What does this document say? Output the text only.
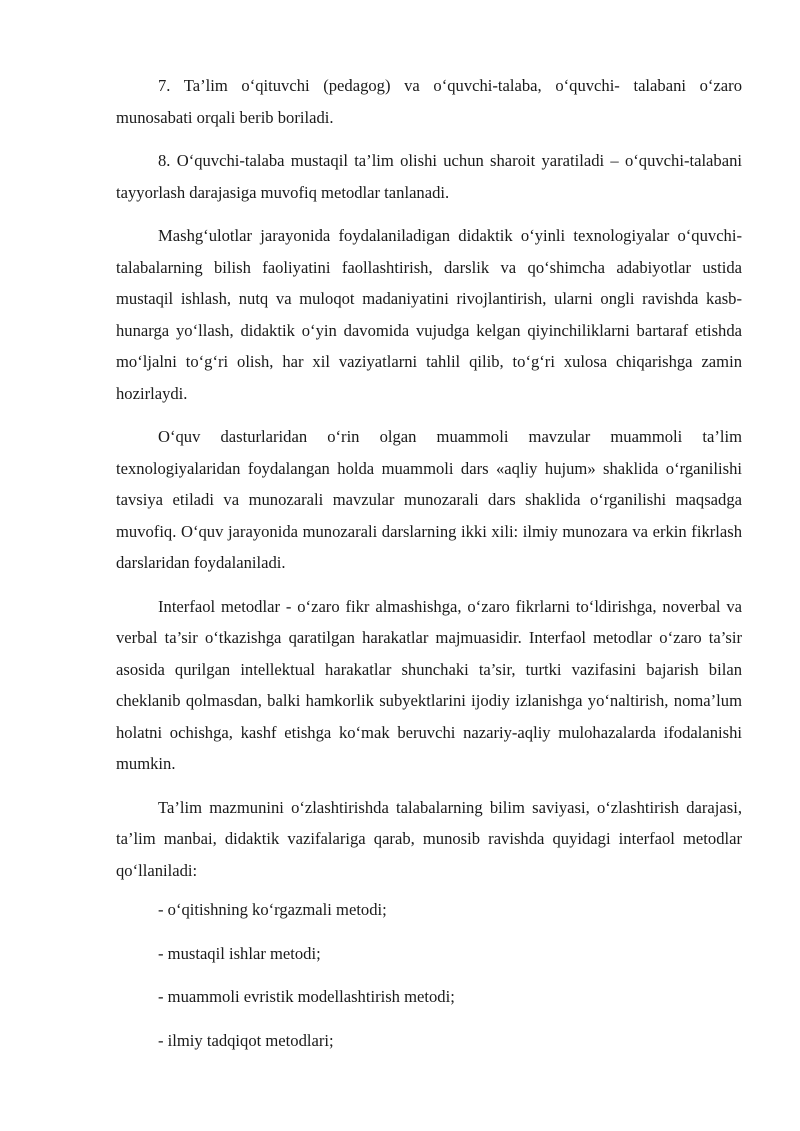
7. Ta’lim o‘qituvchi (pedagog) va o‘quvchi-talaba, o‘quvchi- talabani o‘zaro munosabati orqali berib boriladi.

8. O‘quvchi-talaba mustaqil ta’lim olishi uchun sharoit yaratiladi – o‘quvchi-talabani tayyorlash darajasiga muvofiq metodlar tanlanadi.

Mashg‘ulotlar jarayonida foydalaniladigan didaktik o‘yinli texnologiyalar o‘quvchi-talabalarning bilish faoliyatini faollashtirish, darslik va qo‘shimcha adabiyotlar ustida mustaqil ishlash, nutq va muloqot madaniyatini rivojlantirish, ularni ongli ravishda kasb-hunarga yo‘llash, didaktik o‘yin davomida vujudga kelgan qiyinchiliklarni bartaraf etishda mo‘ljalni to‘g‘ri olish, har xil vaziyatlarni tahlil qilib, to‘g‘ri xulosa chiqarishga zamin hozirlaydi.

O‘quv dasturlaridan o‘rin olgan muammoli mavzular muammoli ta’lim texnologiyalaridan foydalangan holda muammoli dars «aqliy hujum» shaklida o‘rganilishi tavsiya etiladi va munozarali mavzular munozarali dars shaklida o‘rganilishi maqsadga muvofiq. O‘quv jarayonida munozarali darslarning ikki xili: ilmiy munozara va erkin fikrlash darslaridan foydalaniladi.

Interfaol metodlar - o‘zaro fikr almashishga, o‘zaro fikrlarni to‘ldirishga, noverbal va verbal ta’sir o‘tkazishga qaratilgan harakatlar majmuasidir. Interfaol metodlar o‘zaro ta’sir asosida qurilgan intellektual harakatlar shunchaki ta’sir, turtki vazifasini bajarish bilan cheklanib qolmasdan, balki hamkorlik subyektlarini ijodiy izlanishga yo‘naltirish, noma’lum holatni ochishga, kashf etishga ko‘mak beruvchi nazariy-aqliy mulohazalarda ifodalanishi mumkin.

Ta’lim mazmunini o‘zlashtirishda talabalarning bilim saviyasi, o‘zlashtirish darajasi, ta’lim manbai, didaktik vazifalariga qarab, munosib ravishda quyidagi interfaol metodlar qo‘llaniladi:

- o‘qitishning ko‘rgazmali metodi;
- mustaqil ishlar metodi;
- muammoli evristik modellashtirish metodi;
- ilmiy tadqiqot metodlari;
